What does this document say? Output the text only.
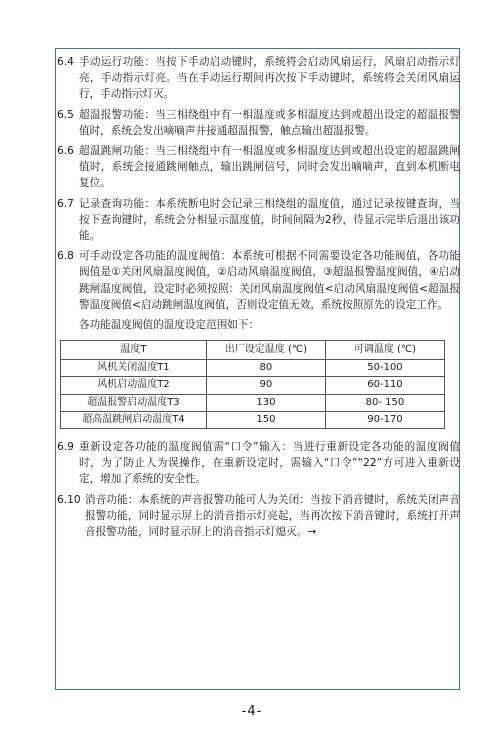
6.4 手动运行功能：当按下手动启动键时，系统将会启动风扇运行，风扇启动指示灯亮，手动指示灯亮。当在手动运行期间再次按下手动键时，系统将会关闭风扇运行，手动指示灯灭。
6.5 超温报警功能：当三相绕组中有一相温度或多相温度达到或超出设定的超温报警值时，系统会发出嘀嘀声并接通超温报警，触点输出超温报警。
6.6 超温跳闸功能：当三相绕组中有一相温度或多相温度达到或超出设定的超温跳闸值时，系统会接通跳闸触点，输出跳闸信号，同时会发出嘀嘀声，直到本机断电复位。
6.7 记录查询功能：本系统断电时会记录三相绕组的温度值，通过记录按键查询，当按下查询键时，系统会分相显示温度值，时间间隔为2秒，待显示完毕后退出该功能。
6.8 可手动设定各功能的温度阀值：本系统可根据不同需要设定各功能阀值，各功能阀值是①关闭风扇温度阀值，②启动风扇温度阀值，③超温报警温度阀值，④启动跳闸温度阀值，设定时必须按照：关闭风扇温度阀值<启动风扇温度阀值<超温报警温度阀值<启动跳闸温度阀值，否则设定值无效，系统按照原先的设定工作。
各功能温度阀值的温度设定范围如下：
温度T	出厂设定温度 (℃)	可调温度 (℃)
风机关闭温度T1	80	50-100
风机启动温度T2	90	60-110
超温报警启动温度T3	130	80- 150
超高温跳闸启动温度T4	150	90-170
6.9 重新设定各功能的温度阀值需“口令”输入：当进行重新设定各功能的温度阀值时，为了防止人为误操作，在重新设定时，需输入“口令”“22”方可进入重新设定，增加了系统的安全性。
6.10 消音功能：本系统的声音报警功能可人为关闭：当按下消音键时，系统关闭声音报警功能，同时显示屏上的消音指示灯亮起，当再次按下消音键时，系统打开声音报警功能，同时显示屏上的消音指示灯熄灭。→
-4-
